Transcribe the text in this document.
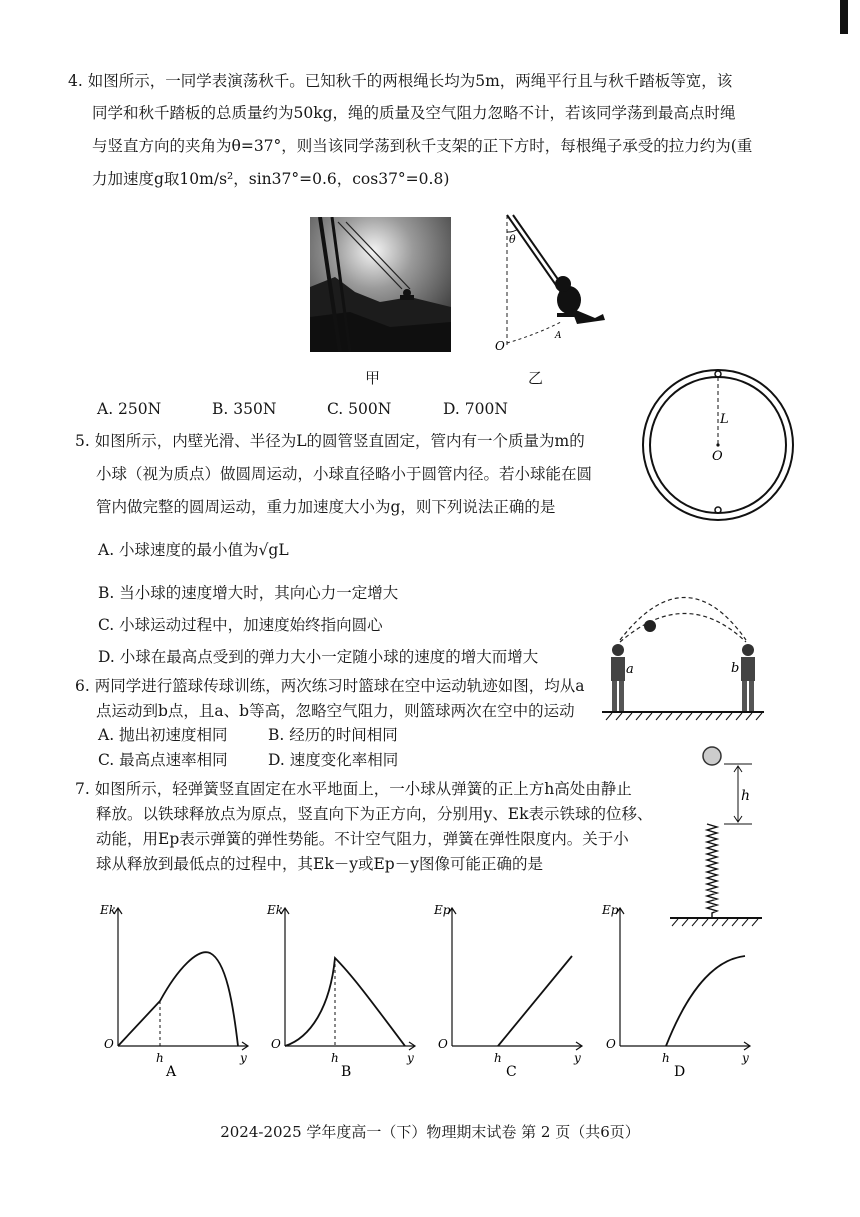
4. 如图所示，一同学表演荡秋千。已知秋千的两根绳长均为5m，两绳平行且与秋千踏板等宽，该
同学和秋千踏板的总质量约为50kg，绳的质量及空气阻力忽略不计，若该同学荡到最高点时绳
与竖直方向的夹角为θ=37°，则当该同学荡到秋千支架的正下方时，每根绳子承受的拉力约为(重
力加速度g取10m/s²，sin37°=0.6，cos37°=0.8)
甲
θ
O
A
乙
A. 250N	B. 350N	C. 500N	D. 700N
L
O
5. 如图所示，内壁光滑、半径为L的圆管竖直固定，管内有一个质量为m的
小球（视为质点）做圆周运动，小球直径略小于圆管内径。若小球能在圆
管内做完整的圆周运动，重力加速度大小为g，则下列说法正确的是
A. 小球速度的最小值为√gL
B. 当小球的速度增大时，其向心力一定增大
C. 小球运动过程中，加速度始终指向圆心
D. 小球在最高点受到的弹力大小一定随小球的速度的增大而增大
a	b
6. 两同学进行篮球传球训练，两次练习时篮球在空中运动轨迹如图，均从a
点运动到b点，且a、b等高，忽略空气阻力，则篮球两次在空中的运动
A. 抛出初速度相同	B. 经历的时间相同
C. 最高点速率相同	D. 速度变化率相同
h
7. 如图所示，轻弹簧竖直固定在水平地面上，一小球从弹簧的正上方h高处由静止
释放。以铁球释放点为原点，竖直向下为正方向，分别用y、Ek表示铁球的位移、
动能，用Ep表示弹簧的弹性势能。不计空气阻力，弹簧在弹性限度内。关于小
球从释放到最低点的过程中，其Ek－y或Ep－y图像可能正确的是
Ek
O
y
h
A
Ek
O
y
h
B
Ep
O
y
h
C
Ep
O
y
h
D
2024-2025 学年度高一（下）物理期末试卷 第 2 页（共6页）
